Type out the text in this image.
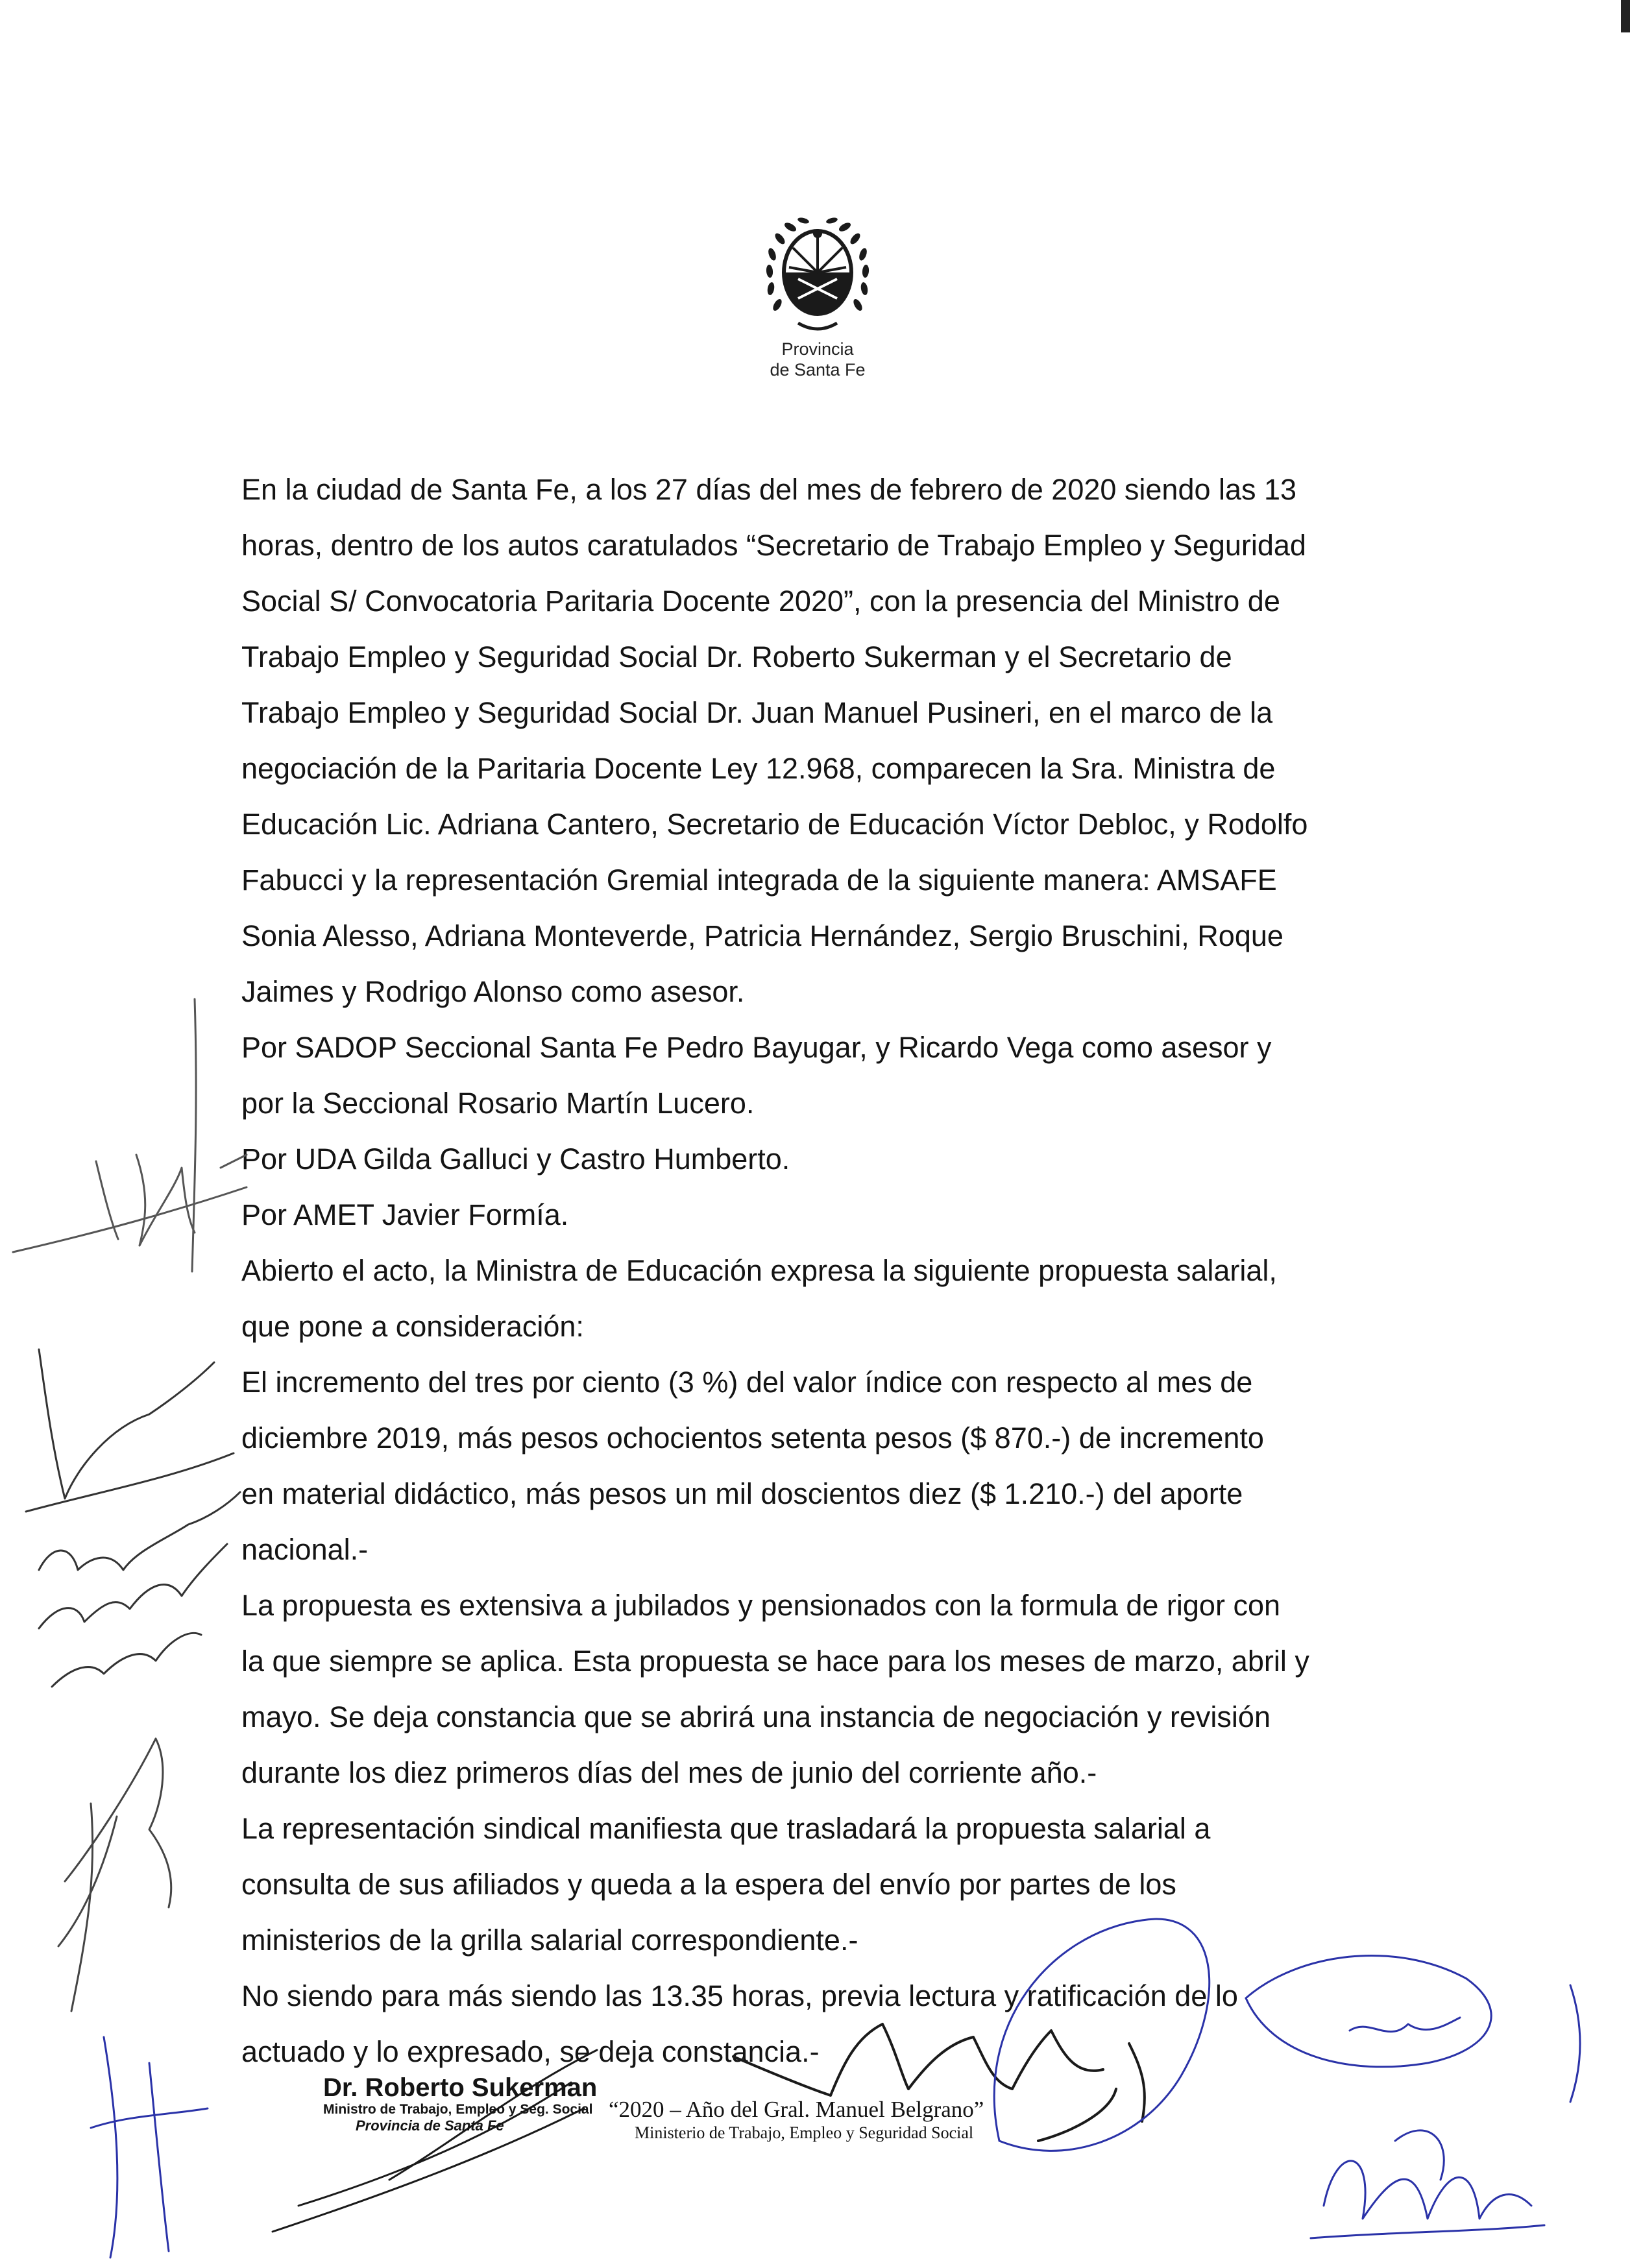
Provincia
de Santa Fe
En la ciudad de Santa Fe, a los 27 días del mes de febrero de 2020 siendo las 13
horas, dentro de los autos caratulados “Secretario de Trabajo Empleo y Seguridad
Social S/ Convocatoria Paritaria Docente 2020”, con la presencia del Ministro de
Trabajo Empleo y Seguridad Social Dr. Roberto Sukerman y el Secretario de
Trabajo Empleo y Seguridad Social Dr. Juan Manuel Pusineri, en el marco de la
negociación de la Paritaria Docente Ley 12.968, comparecen la Sra. Ministra de
Educación Lic. Adriana Cantero, Secretario de Educación Víctor Debloc, y Rodolfo
Fabucci y la representación Gremial integrada de la siguiente manera: AMSAFE
Sonia Alesso, Adriana Monteverde, Patricia Hernández, Sergio Bruschini, Roque
Jaimes y Rodrigo Alonso como asesor.
Por SADOP Seccional Santa Fe Pedro Bayugar, y Ricardo Vega como asesor y
por la Seccional Rosario Martín Lucero.
Por UDA Gilda Galluci y Castro Humberto.
Por AMET Javier Formía.
Abierto el acto, la Ministra de Educación expresa la siguiente propuesta salarial,
que pone a consideración:
El incremento del tres por ciento (3 %) del valor índice con respecto al mes de
diciembre 2019, más pesos ochocientos setenta pesos ($ 870.-) de incremento
en material didáctico, más pesos un mil doscientos diez ($ 1.210.-) del aporte
nacional.-
La propuesta es extensiva a jubilados y pensionados con la formula de rigor con
la que siempre se aplica. Esta propuesta se hace para los meses de marzo, abril y
mayo. Se deja constancia que se abrirá una instancia de negociación y revisión
durante los diez primeros días del mes de junio del corriente año.-
La representación sindical manifiesta que trasladará la propuesta salarial a
consulta de sus afiliados y queda a la espera del envío por partes de los
ministerios de la grilla salarial correspondiente.-
No siendo para más siendo las 13.35 horas, previa lectura y ratificación de lo
actuado y lo expresado, se deja constancia.-
Dr. Roberto Sukerman
Ministro de Trabajo, Empleo y Seg. Social
Provincia de Santa Fe
“2020 – Año del Gral. Manuel Belgrano”
Ministerio de Trabajo, Empleo y Seguridad Social
